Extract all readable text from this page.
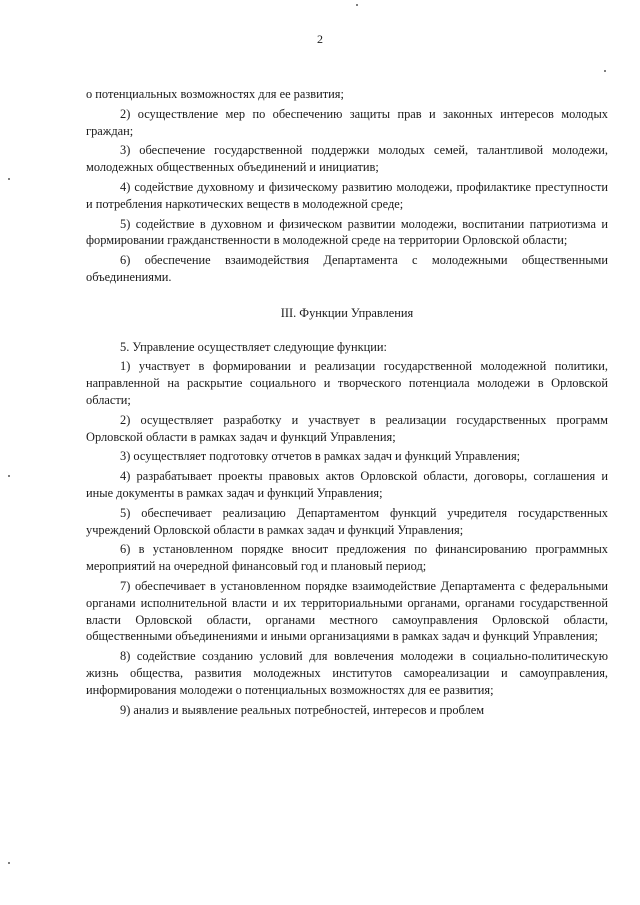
2

о потенциальных возможностях для ее развития;

2) осуществление мер по обеспечению защиты прав и законных интересов молодых граждан;

3) обеспечение государственной поддержки молодых семей, талантливой молодежи, молодежных общественных объединений и инициатив;

4) содействие духовному и физическому развитию молодежи, профилактике преступности и потребления наркотических веществ в молодежной среде;

5) содействие в духовном и физическом развитии молодежи, воспитании патриотизма и формировании гражданственности в молодежной среде на территории Орловской области;

6) обеспечение взаимодействия Департамента с молодежными общественными объединениями.

III. Функции Управления

5. Управление осуществляет следующие функции:

1) участвует в формировании и реализации государственной молодежной политики, направленной на раскрытие социального и творческого потенциала молодежи в Орловской области;

2) осуществляет разработку и участвует в реализации государственных программ Орловской области в рамках задач и функций Управления;

3) осуществляет подготовку отчетов в рамках задач и функций Управления;

4) разрабатывает проекты правовых актов Орловской области, договоры, соглашения и иные документы в рамках задач и функций Управления;

5) обеспечивает реализацию Департаментом функций учредителя государственных учреждений Орловской области в рамках задач и функций Управления;

6) в установленном порядке вносит предложения по финансированию программных мероприятий на очередной финансовый год и плановый период;

7) обеспечивает в установленном порядке взаимодействие Департамента с федеральными органами исполнительной власти и их территориальными органами, органами государственной власти Орловской области, органами местного самоуправления Орловской области, общественными объединениями и иными организациями в рамках задач и функций Управления;

8) содействие созданию условий для вовлечения молодежи в социально-политическую жизнь общества, развития молодежных институтов самореализации и самоуправления, информирования молодежи о потенциальных возможностях для ее развития;

9) анализ и выявление реальных потребностей, интересов и проблем
